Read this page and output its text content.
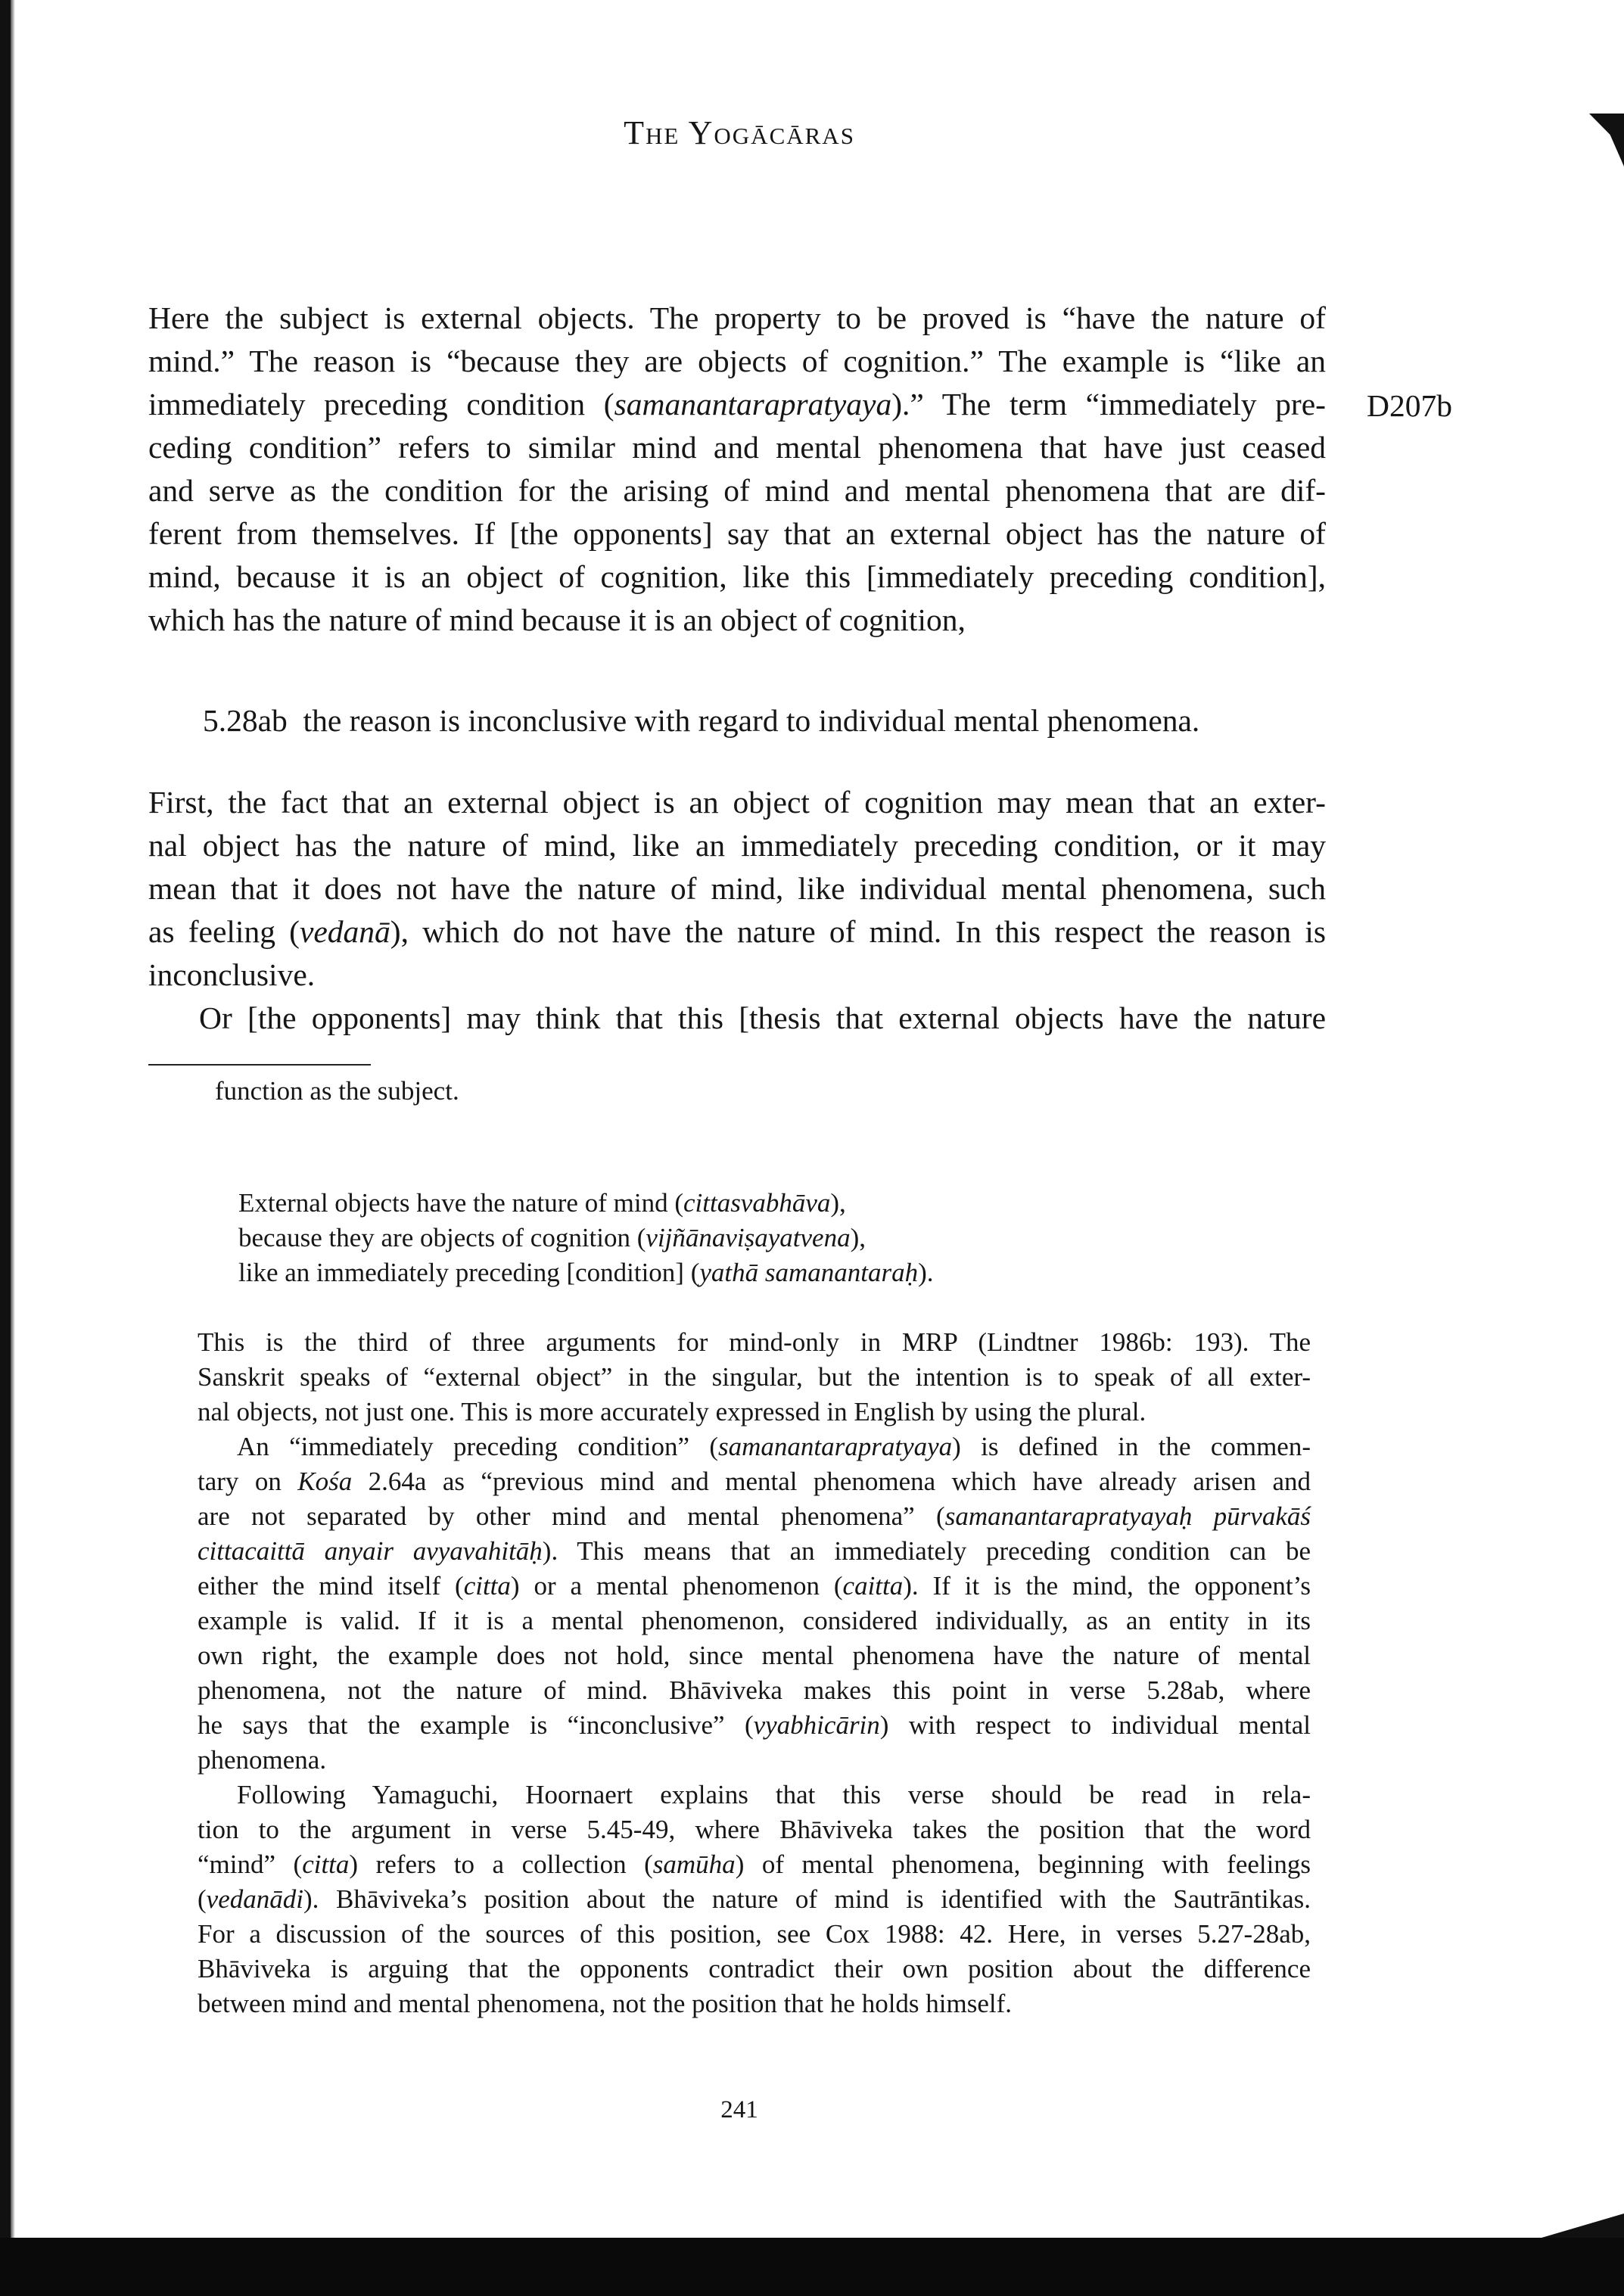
The Yogācāras
D207b
Here the subject is external objects. The property to be proved is “have the nature of
mind.” The reason is “because they are objects of cognition.” The example is “like an
immediately preceding condition (samanantarapratyaya).” The term “immediately pre-
ceding condition” refers to similar mind and mental phenomena that have just ceased
and serve as the condition for the arising of mind and mental phenomena that are dif-
ferent from themselves. If [the opponents] say that an external object has the nature of
mind, because it is an object of cognition, like this [immediately preceding condition],
which has the nature of mind because it is an object of cognition,
5.28ab the reason is inconclusive with regard to individual mental phenomena.
First, the fact that an external object is an object of cognition may mean that an exter-
nal object has the nature of mind, like an immediately preceding condition, or it may
mean that it does not have the nature of mind, like individual mental phenomena, such
as feeling (vedanā), which do not have the nature of mind. In this respect the reason is
inconclusive.
Or [the opponents] may think that this [thesis that external objects have the nature
function as the subject.
External objects have the nature of mind (cittasvabhāva),
because they are objects of cognition (vijñānaviṣayatvena),
like an immediately preceding [condition] (yathā samanantaraḥ).
This is the third of three arguments for mind-only in MRP (Lindtner 1986b: 193). The
Sanskrit speaks of “external object” in the singular, but the intention is to speak of all exter-
nal objects, not just one. This is more accurately expressed in English by using the plural.
An “immediately preceding condition” (samanantarapratyaya) is defined in the commen-
tary on Kośa 2.64a as “previous mind and mental phenomena which have already arisen and
are not separated by other mind and mental phenomena” (samanantarapratyayaḥ pūrvakāś
cittacaittā anyair avyavahitāḥ). This means that an immediately preceding condition can be
either the mind itself (citta) or a mental phenomenon (caitta). If it is the mind, the opponent’s
example is valid. If it is a mental phenomenon, considered individually, as an entity in its
own right, the example does not hold, since mental phenomena have the nature of mental
phenomena, not the nature of mind. Bhāviveka makes this point in verse 5.28ab, where
he says that the example is “inconclusive” (vyabhicārin) with respect to individual mental
phenomena.
Following Yamaguchi, Hoornaert explains that this verse should be read in rela-
tion to the argument in verse 5.45-49, where Bhāviveka takes the position that the word
“mind” (citta) refers to a collection (samūha) of mental phenomena, beginning with feelings
(vedanādi). Bhāviveka’s position about the nature of mind is identified with the Sautrāntikas.
For a discussion of the sources of this position, see Cox 1988: 42. Here, in verses 5.27-28ab,
Bhāviveka is arguing that the opponents contradict their own position about the difference
between mind and mental phenomena, not the position that he holds himself.
241
